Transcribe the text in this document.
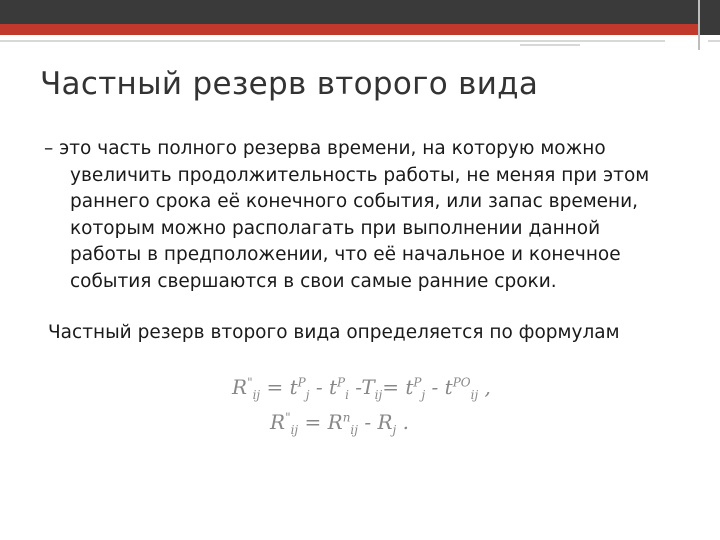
Частный резерв второго вида
– это часть полного резерва времени, на которую можно
увеличить продолжительность работы, не меняя при этом
раннего срока её конечного события, или запас времени,
которым можно располагать при выполнении данной
работы в предположении, что её начальное и конечное
события свершаются в свои самые ранние сроки.
Частный резерв второго вида определяется по формулам
$R^"_{ij} = t^P_j - t^P_i$ $-T_{ij}= t^P_j - t^{PO}_{ij}$ ,
$R^"_{ij} = R^n_{ij} - R_j$ .
